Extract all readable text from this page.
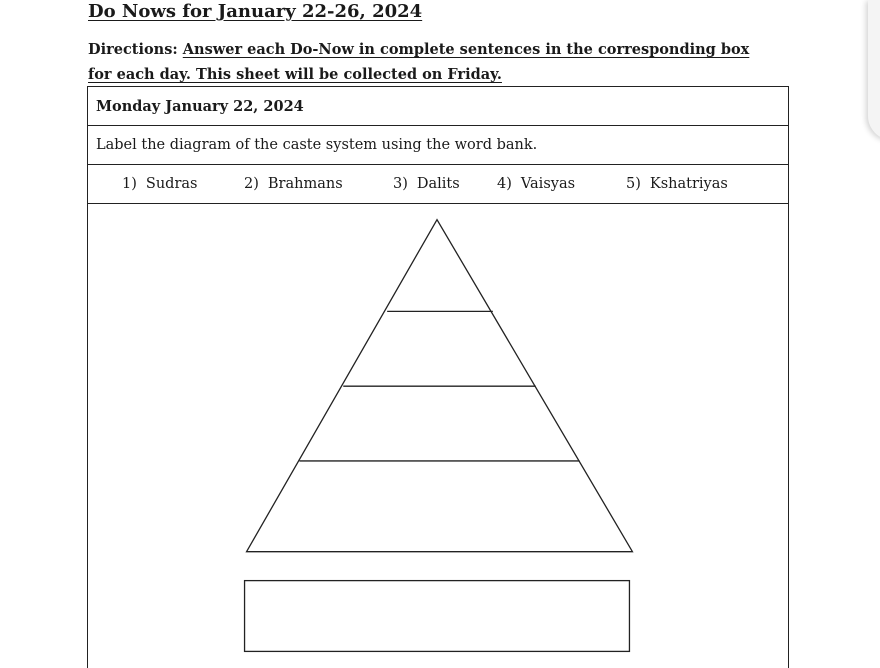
Do Nows for January 22-26, 2024
Directions: Answer each Do-Now in complete sentences in the corresponding box for each day. This sheet will be collected on Friday.
Monday January 22, 2024
Label the diagram of the caste system using the word bank.
1) Sudras	2) Brahmans	3) Dalits	4) Vaisyas	5) Kshatriyas
